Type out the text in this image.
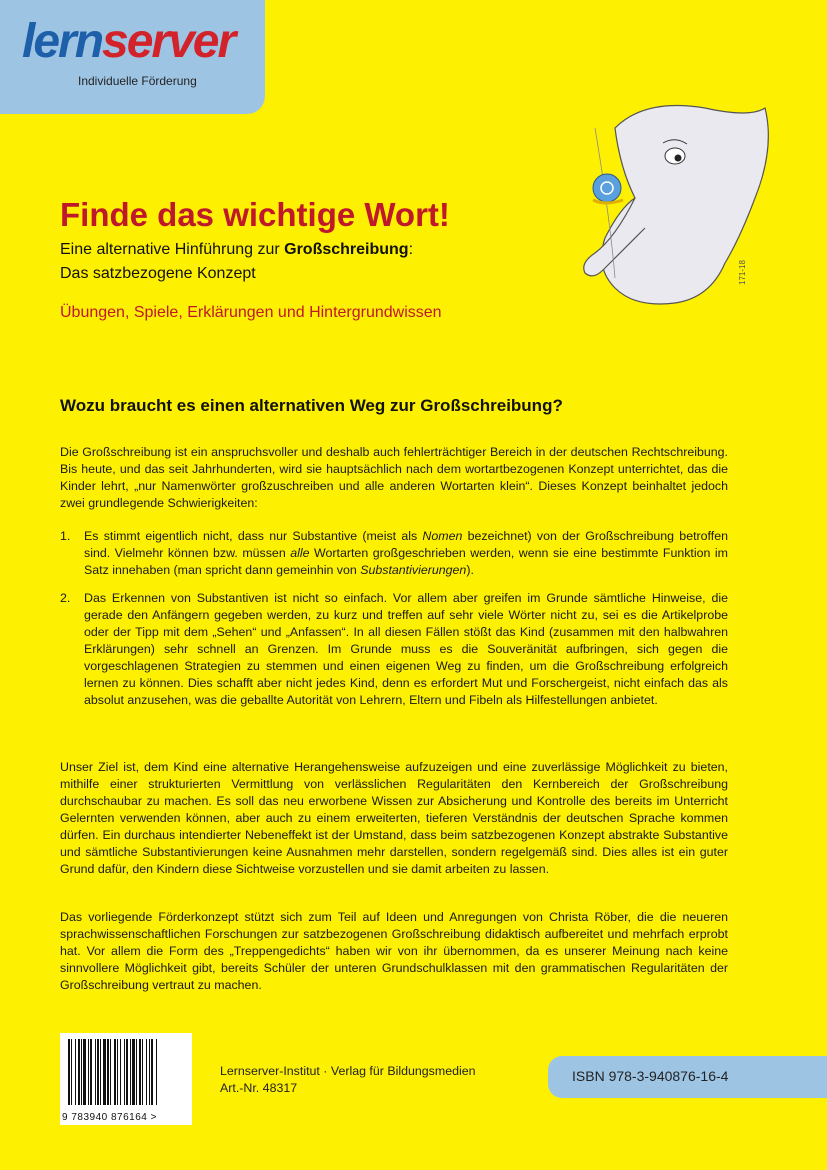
lernserver
Individuelle Förderung
Finde das wichtige Wort!
Eine alternative Hinführung zur Großschreibung:
Das satzbezogene Konzept
Übungen, Spiele, Erklärungen und Hintergrundwissen
171-18
Wozu braucht es einen alternativen Weg zur Großschreibung?
Die Großschreibung ist ein anspruchsvoller und deshalb auch fehlerträchtiger Bereich in der deutschen Rechtschreibung. Bis heute, und das seit Jahrhunderten, wird sie hauptsächlich nach dem wortartbezogenen Konzept unterrichtet, das die Kinder lehrt, „nur Namenwörter großzuschreiben und alle anderen Wortarten klein“. Dieses Konzept beinhaltet jedoch zwei grundlegende Schwierigkeiten:
1. Es stimmt eigentlich nicht, dass nur Substantive (meist als Nomen bezeichnet) von der Großschreibung betroffen sind. Vielmehr können bzw. müssen alle Wortarten großgeschrieben werden, wenn sie eine bestimmte Funktion im Satz innehaben (man spricht dann gemeinhin von Substantivierungen).
2. Das Erkennen von Substantiven ist nicht so einfach. Vor allem aber greifen im Grunde sämtliche Hinweise, die gerade den Anfängern gegeben werden, zu kurz und treffen auf sehr viele Wörter nicht zu, sei es die Artikelprobe oder der Tipp mit dem „Sehen“ und „Anfassen“. In all diesen Fällen stößt das Kind (zusammen mit den halbwahren Erklärungen) sehr schnell an Grenzen. Im Grunde muss es die Souveränität aufbringen, sich gegen die vorgeschlagenen Strategien zu stemmen und einen eigenen Weg zu finden, um die Großschreibung erfolgreich lernen zu können. Dies schafft aber nicht jedes Kind, denn es erfordert Mut und Forschergeist, nicht einfach das als absolut anzusehen, was die geballte Autorität von Lehrern, Eltern und Fibeln als Hilfestellungen anbietet.
Unser Ziel ist, dem Kind eine alternative Herangehensweise aufzuzeigen und eine zuverlässige Möglichkeit zu bieten, mithilfe einer strukturierten Vermittlung von verlässlichen Regularitäten den Kernbereich der Großschreibung durchschaubar zu machen. Es soll das neu erworbene Wissen zur Absicherung und Kontrolle des bereits im Unterricht Gelernten verwenden können, aber auch zu einem erweiterten, tieferen Verständnis der deutschen Sprache kommen dürfen. Ein durchaus intendierter Nebeneffekt ist der Umstand, dass beim satzbezogenen Konzept abstrakte Substantive und sämtliche Substantivierungen keine Ausnahmen mehr darstellen, sondern regelgemäß sind. Dies alles ist ein guter Grund dafür, den Kindern diese Sichtweise vorzustellen und sie damit arbeiten zu lassen.
Das vorliegende Förderkonzept stützt sich zum Teil auf Ideen und Anregungen von Christa Röber, die die neueren sprachwissenschaftlichen Forschungen zur satzbezogenen Großschreibung didaktisch aufbereitet und mehrfach erprobt hat. Vor allem die Form des „Treppengedichts“ haben wir von ihr übernommen, da es unserer Meinung nach keine sinnvollere Möglichkeit gibt, bereits Schüler der unteren Grundschulklassen mit den grammatischen Regularitäten der Großschreibung vertraut zu machen.
9 783940 876164 >
Lernserver-Institut · Verlag für Bildungsmedien
Art.-Nr. 48317
ISBN 978-3-940876-16-4
